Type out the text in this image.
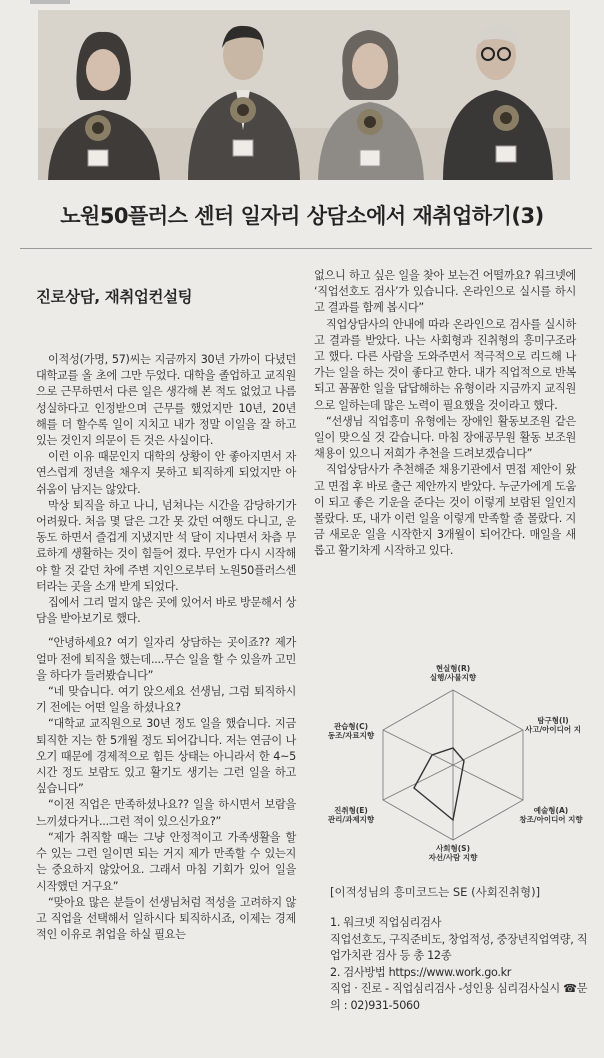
노원50플러스 센터 일자리 상담소에서 재취업하기(3)
진로상담, 재취업컨설팅

이적성(가명, 57)씨는 지금까지 30년 가까이 다녔던 대학교를 올 초에 그만 두었다. 대학을 졸업하고 교직원으로 근무하면서 다른 일은 생각해 본 적도 없었고 나름 성실하다고 인정받으며 근무를 했었지만 10년, 20년 해를 더 할수록 일이 지치고 내가 정말 이일을 잘 하고 있는 것인지 의문이 든 것은 사실이다.

이런 이유 때문인지 대학의 상황이 안 좋아지면서 자연스럽게 정년을 채우지 못하고 퇴직하게 되었지만 아쉬움이 남지는 않았다.

막상 퇴직을 하고 나니, 넘쳐나는 시간을 감당하기가 어려웠다. 처음 몇 달은 그간 못 갔던 여행도 다니고, 운동도 하면서 즐겁게 지냈지만 석 달이 지나면서 차츰 무료하게 생활하는 것이 힘들어 졌다. 무언가 다시 시작해야 할 것 같던 차에 주변 지인으로부터 노원50플러스센터라는 곳을 소개 받게 되었다.

집에서 그리 멀지 않은 곳에 있어서 바로 방문해서 상담을 받아보기로 했다.

“안녕하세요? 여기 일자리 상담하는 곳이죠?? 제가 얼마 전에 퇴직을 했는데....무슨 일을 할 수 있을까 고민을 하다가 들러봤습니다”

“네 맞습니다. 여기 앉으세요 선생님, 그럼 퇴직하시기 전에는 어떤 일을 하셨나요?

“대학교 교직원으로 30년 정도 일을 했습니다. 지금 퇴직한 지는 한 5개월 정도 되어갑니다. 저는 연금이 나오기 때문에 경제적으로 힘든 상태는 아니라서 한 4~5시간 정도 보람도 있고 활기도 생기는 그런 일을 하고 싶습니다”

“이전 직업은 만족하셨나요?? 일을 하시면서 보람을 느끼셨다거나...그런 적이 있으신가요?”

“제가 취직할 때는 그냥 안정적이고 가족생활을 할 수 있는 그런 일이면 되는 거지 제가 만족할 수 있는지는 중요하지 않았어요. 그래서 마침 기회가 있어 일을 시작했던 거구요”

“맞아요 많은 분들이 선생님처럼 적성을 고려하지 않고 직업을 선택해서 일하시다 퇴직하시죠, 이제는 경제적인 이유로 취업을 하실 필요는

없으니 하고 싶은 일을 찾아 보는건 어떨까요? 워크넷에 ‘직업선호도 검사’가 있습니다. 온라인으로 실시를 하시고 결과를 함께 봅시다”

직업상담사의 안내에 따라 온라인으로 검사를 실시하고 결과를 받았다. 나는 사회형과 진취형의 흥미구조라고 했다. 다른 사람을 도와주면서 적극적으로 리드해 나가는 일을 하는 것이 좋다고 한다. 내가 직업적으로 반복되고 꼼꼼한 일을 답답해하는 유형이라 지금까지 교직원으로 일하는데 많은 노력이 필요했을 것이라고 했다.

“선생님 직업흥미 유형에는 장애인 활동보조원 같은 일이 맞으실 것 같습니다. 마침 장애공무원 활동 보조원 채용이 있으니 저희가 추천을 드려보겠습니다”

직업상담사가 추천해준 채용기관에서 면접 제안이 왔고 면접 후 바로 출근 제안까지 받았다. 누군가에게 도움이 되고 좋은 기운을 준다는 것이 이렇게 보람된 일인지 몰랐다. 또, 내가 이런 일을 이렇게 만족할 줄 몰랐다. 지금 새로운 일을 시작한지 3개월이 되어간다. 매일을 새롭고 활기차게 시작하고 있다.

현실형(R)
실행/사물지향
탐구형(I)
사고/아이디어 지
예술형(A)
창조/아이디어 지향
사회형(S)
자선/사람 지향
진취형(E)
관리/과제지향
관습형(C)
동조/자료지향
[이적성님의 흥미코드는 SE (사회진취형)]
1. 워크넷 직업심리검사
직업선호도, 구직준비도, 창업적성, 중장년직업역량, 직업가치관 검사 등 총 12종
2. 검사방법 https://www.work.go.kr
직업 · 진로 - 직업심리검사 -성인용 심리검사실시 ☎문의 : 02)931-5060
